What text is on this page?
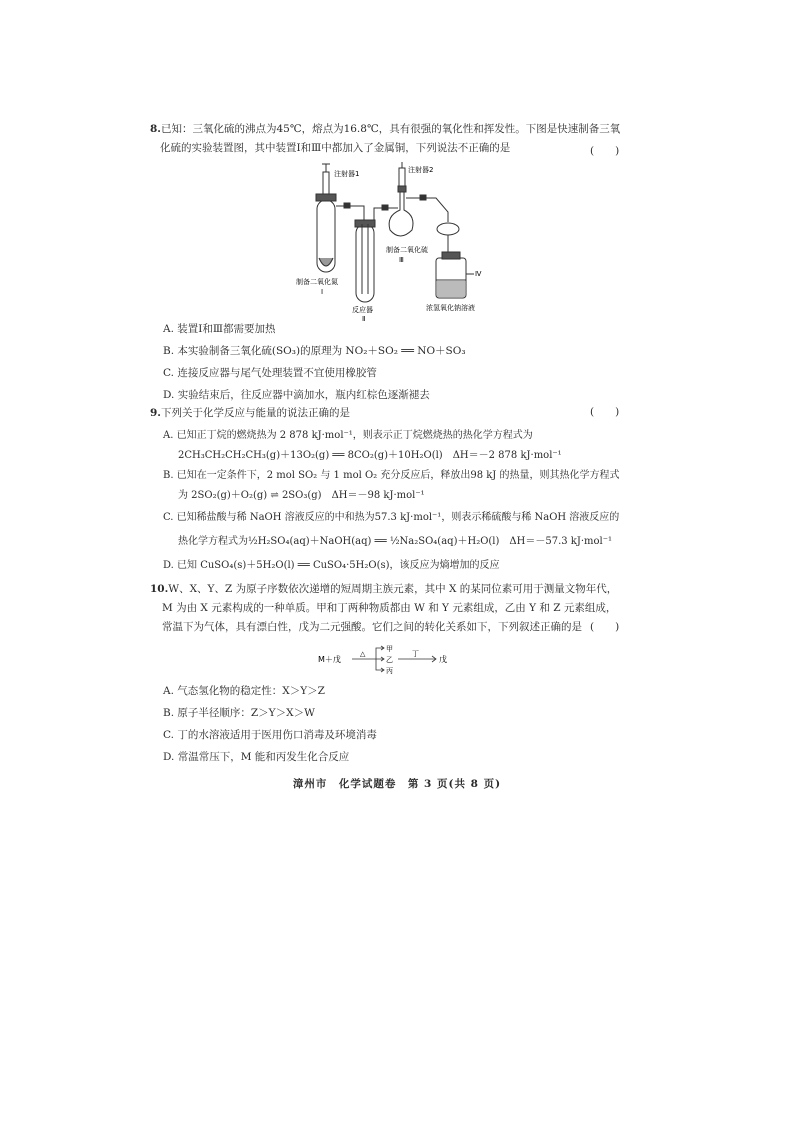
8.已知：三氧化硫的沸点为45℃，熔点为16.8℃，具有很强的氧化性和挥发性。下图是快速制备三氧
化硫的实验装置图，其中装置Ⅰ和Ⅲ中都加入了金属铜，下列说法不正确的是	(　　)
注射器1	注射器2
制备二氧化氮
Ⅰ
反应器
Ⅱ
制备二氧化硫
Ⅲ
浓氢氧化钠溶液
Ⅳ
A. 装置Ⅰ和Ⅲ都需要加热
B. 本实验制备三氧化硫(SO₃)的原理为 NO₂＋SO₂ ══ NO＋SO₃
C. 连接反应器与尾气处理装置不宜使用橡胶管
D. 实验结束后，往反应器中滴加水，瓶内红棕色逐渐褪去
9.下列关于化学反应与能量的说法正确的是	(　　)
A. 已知正丁烷的燃烧热为 2 878 kJ·mol⁻¹，则表示正丁烷燃烧热的热化学方程式为
2CH₃CH₂CH₂CH₃(g)＋13O₂(g) ══ 8CO₂(g)＋10H₂O(l)　ΔH＝－2 878 kJ·mol⁻¹
B. 已知在一定条件下，2 mol SO₂ 与 1 mol O₂ 充分反应后，释放出98 kJ 的热量，则其热化学方程式
为 2SO₂(g)＋O₂(g) ⇌ 2SO₃(g)　ΔH＝－98 kJ·mol⁻¹
C. 已知稀盐酸与稀 NaOH 溶液反应的中和热为57.3 kJ·mol⁻¹，则表示稀硫酸与稀 NaOH 溶液反应的
热化学方程式为½H₂SO₄(aq)＋NaOH(aq) ══ ½Na₂SO₄(aq)＋H₂O(l)　ΔH＝－57.3 kJ·mol⁻¹
D. 已知 CuSO₄(s)＋5H₂O(l) ══ CuSO₄·5H₂O(s)，该反应为熵增加的反应
10.W、X、Y、Z 为原子序数依次递增的短周期主族元素，其中 X 的某同位素可用于测量文物年代，
M 为由 X 元素构成的一种单质。甲和丁两种物质都由 W 和 Y 元素组成，乙由 Y 和 Z 元素组成，
常温下为气体，具有漂白性，戊为二元强酸。它们之间的转化关系如下，下列叙述正确的是 (　　)
M＋戊
△
甲
乙
丙
丁
戊
A. 气态氢化物的稳定性：X＞Y＞Z
B. 原子半径顺序：Z＞Y＞X＞W
C. 丁的水溶液适用于医用伤口消毒及环境消毒
D. 常温常压下，M 能和丙发生化合反应
漳州市　化学试题卷　第 3 页(共 8 页)
